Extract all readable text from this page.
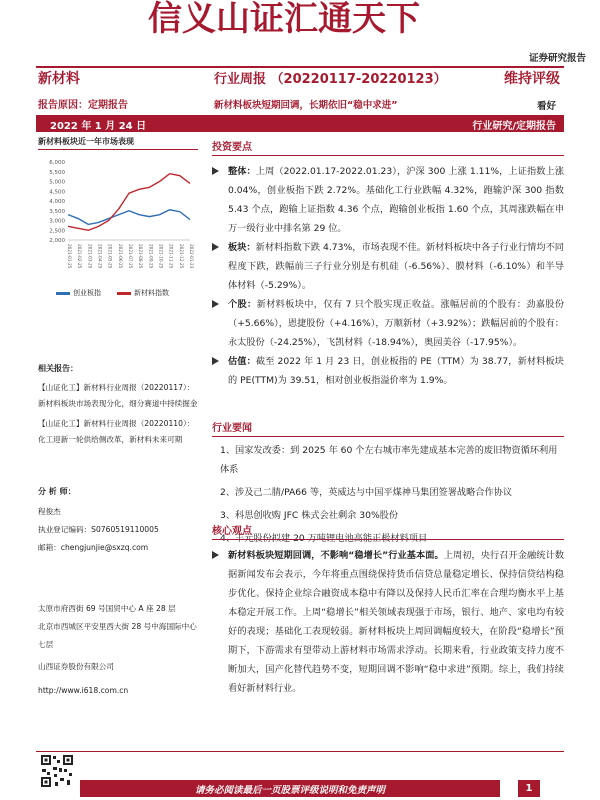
信义山证汇通天下
证券研究报告
新材料	行业周报 （20220117-20220123）	维持评级
报告原因：定期报告	新材料板块短期回调，长期依旧“稳中求进”	看好
2022 年 1 月 24 日	行业研究/定期报告
新材料板块近一年市场表现
6,000
5,500
5,000
4,500
4,000
3,500
3,000
2,500
2,000
2021-01-25 2021-02-25 2021-03-25 2021-04-25 2021-05-25 2021-06-25 2021-07-25 2021-08-25 2021-09-25 2021-10-25 2021-11-25 2021-12-25 2022-01-23
创业板指	新材料指数
相关报告：
【山证化工】新材料行业周报（20220117）：新材料板块市场表现分化，细分赛道中持续掘金
【山证化工】新材料行业周报（20220110）：化工迎新一轮供给侧改革，新材料未来可期
分 析 师：
程俊杰
执业登记编码：S0760519110005
邮箱：chengjunjie@sxzq.com
太原市府西街 69 号国贸中心 A 座 28 层
北京市西城区平安里西大街 28 号中海国际中心七层
山西证券股份有限公司
http://www.i618.com.cn
投资要点
整体：上周（2022.01.17-2022.01.23），沪深 300 上涨 1.11%，上证指数上涨 0.04%，创业板指下跌 2.72%。基础化工行业跌幅 4.32%，跑输沪深 300 指数 5.43 个点，跑输上证指数 4.36 个点，跑输创业板指 1.60 个点，其周涨跌幅在申万一级行业中排名第 29 位。
板块：新材料指数下跌 4.73%，市场表现不佳。新材料板块中各子行业行情均不同程度下跌，跌幅前三子行业分别是有机硅（-6.56%）、膜材料（-6.10%）和半导体材料（-5.29%）。
个股：新材料板块中，仅有 7 只个股实现正收益。涨幅居前的个股有：劲嘉股份（+5.66%），恩捷股份（+4.16%），万顺新材（+3.92%）；跌幅居前的个股有：永太股份（-24.25%），飞凯材料（-18.94%），奥园美谷（-17.95%）。
估值：截至 2022 年 1 月 23 日，创业板指的 PE（TTM）为 38.77，新材料板块的 PE(TTM)为 39.51，相对创业板指溢价率为 1.9%。
行业要闻
1、国家发改委：到 2025 年 60 个左右城市率先建成基本完善的废旧物资循环利用体系
2、涉及己二腈/PA66 等，英威达与中国平煤神马集团签署战略合作协议
3、科思创收购 JFC 株式会社剩余 30%股份
核心观点
新材料板块短期回调，不影响“稳增长”行业基本面。上周初，央行召开金融统计数据新闻发布会表示，今年将重点围绕保持货币信贷总量稳定增长、保持信贷结构稳步优化、保持企业综合融资成本稳中有降以及保持人民币汇率在合理均衡水平上基本稳定开展工作。上周“稳增长”相关领域表现强于市场，银行、地产、家电均有较好的表现；基础化工表现较弱。新材料板块上周回调幅度较大，在阶段“稳增长”预期下，下游需求有望带动上游材料市场需求浮动。长期来看，行业政策支持力度不断加大，国产化替代趋势不变，短期回调不影响“稳中求进”预期。综上，我们持续看好新材料行业。
请务必阅读最后一页股票评级说明和免责声明	1
